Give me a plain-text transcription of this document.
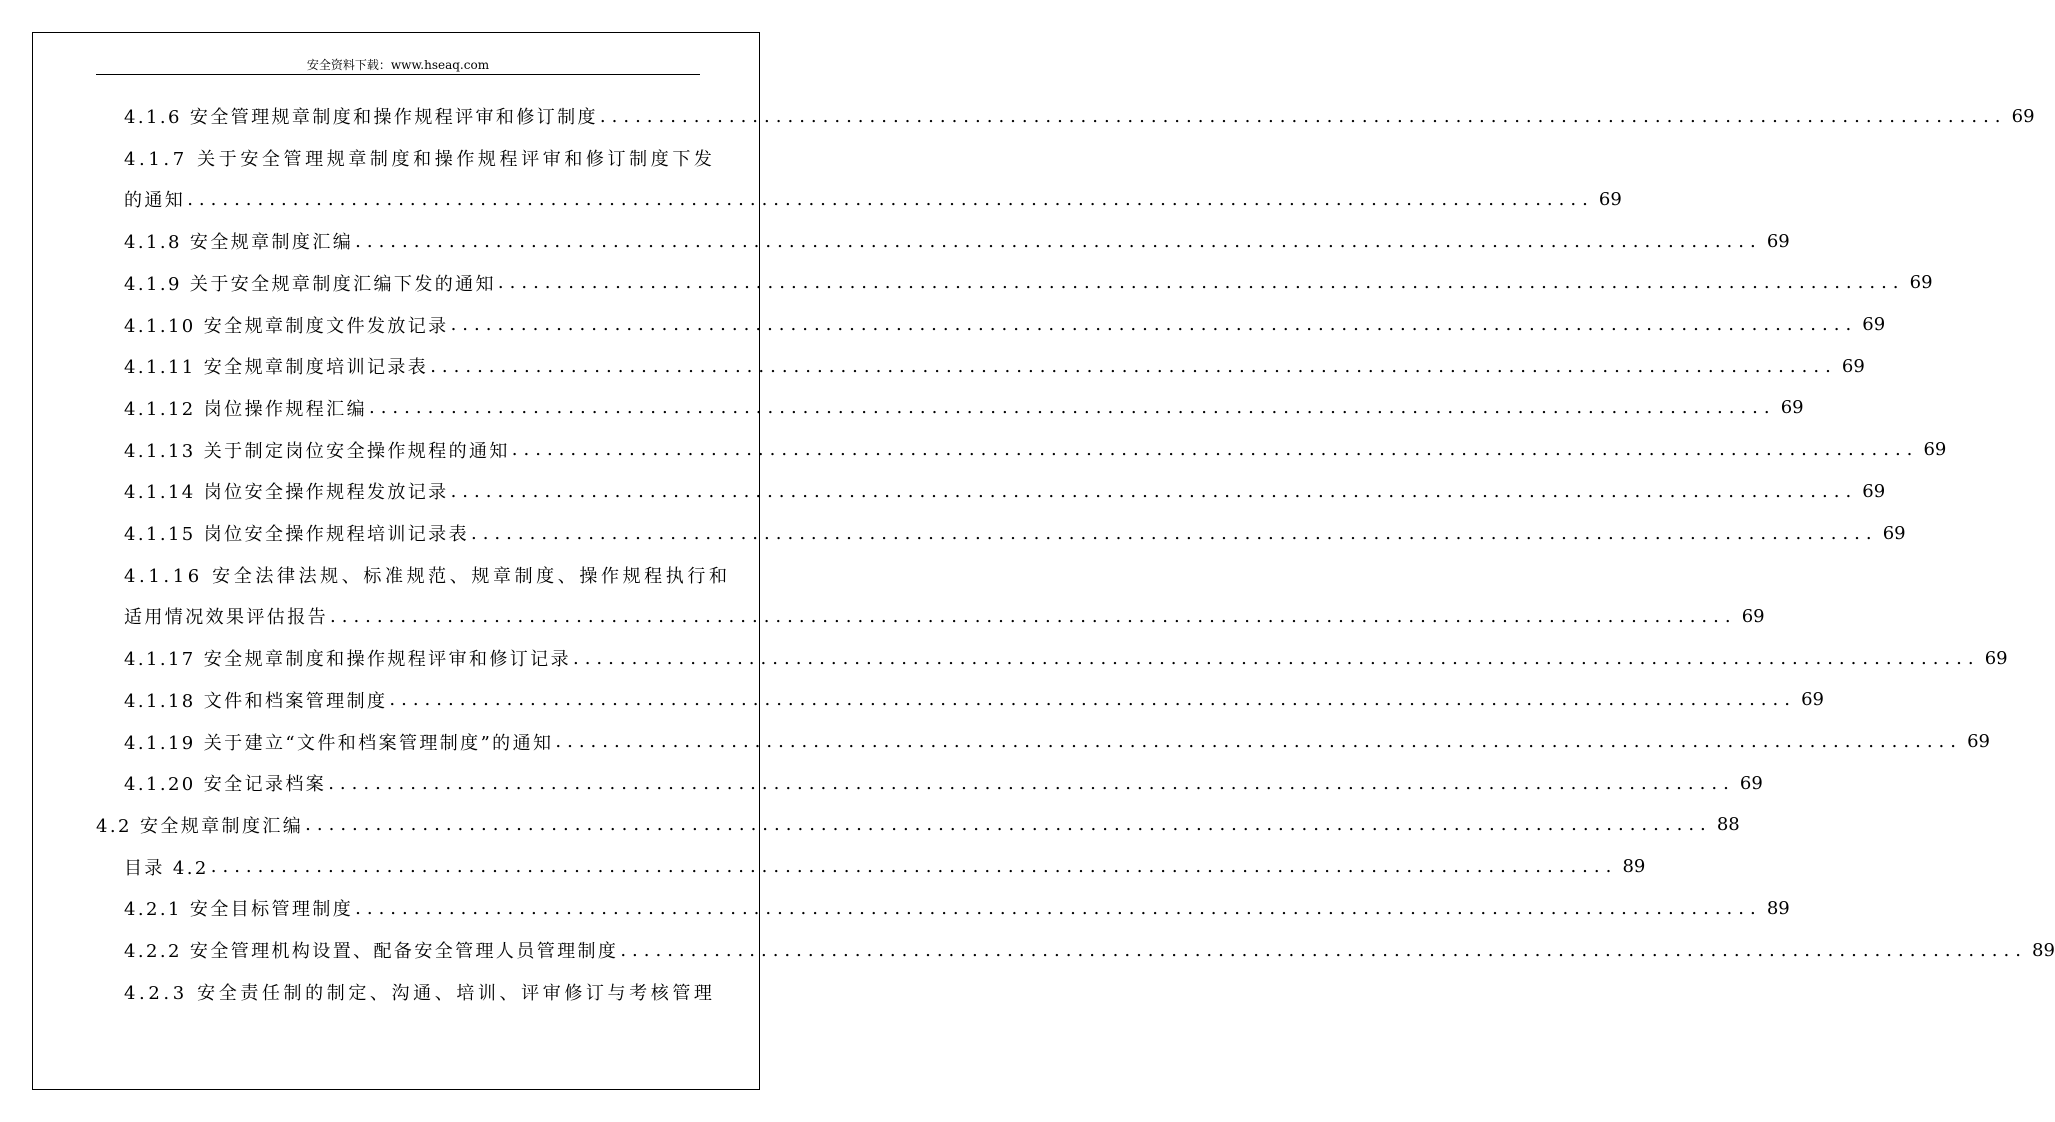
安全资料下载：www.hseaq.com
4.1.6 安全管理规章制度和操作规程评审和修订制度 ........................................................................................................................ 69
4.1.7 关于安全管理规章制度和操作规程评审和修订制度下发
的通知 ........................................................................................................................ 69
4.1.8 安全规章制度汇编 ........................................................................................................................ 69
4.1.9 关于安全规章制度汇编下发的通知 ........................................................................................................................ 69
4.1.10 安全规章制度文件发放记录 ........................................................................................................................ 69
4.1.11 安全规章制度培训记录表 ........................................................................................................................ 69
4.1.12 岗位操作规程汇编 ........................................................................................................................ 69
4.1.13 关于制定岗位安全操作规程的通知 ........................................................................................................................ 69
4.1.14 岗位安全操作规程发放记录 ........................................................................................................................ 69
4.1.15 岗位安全操作规程培训记录表 ........................................................................................................................ 69
4.1.16 安全法律法规、标准规范、规章制度、操作规程执行和
适用情况效果评估报告 ........................................................................................................................ 69
4.1.17 安全规章制度和操作规程评审和修订记录 ........................................................................................................................ 69
4.1.18 文件和档案管理制度 ........................................................................................................................ 69
4.1.19 关于建立“文件和档案管理制度”的通知 ........................................................................................................................ 69
4.1.20 安全记录档案 ........................................................................................................................ 69
4.2 安全规章制度汇编 ........................................................................................................................ 88
目录 4.2 ........................................................................................................................ 89
4.2.1 安全目标管理制度 ........................................................................................................................ 89
4.2.2 安全管理机构设置、配备安全管理人员管理制度 ........................................................................................................................ 89
4.2.3 安全责任制的制定、沟通、培训、评审修订与考核管理
